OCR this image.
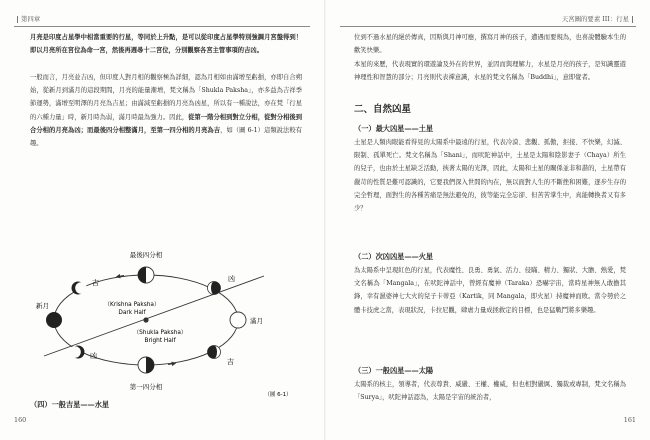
第四章

月亮是印度占星學中相當重要的行星，等同於上升點，是可以從印度占星學特別強調月宮盤得到！即以月亮所在宮位為命一宮，然後再週尋十二宮位，分別觀察各宮主管事項的吉凶。

一般而言，月亮並吉凶，但印度人對月相的觀察極為詳細，認為月相如由滿增至虧損，亦即自合朔始，從新月到滿月的這段期間，月亮的能量漸增，梵文稱為「Shukla Paksha」，亦多益為吉祥季節運勢，滿增至明澤的月亮為吉星；由滿減至虧損的月亮為凶星，所以有一種說法，亦在梵「行星的六種力量」時，新月時為弱，滿月時最為強力。因此，從第一階分相到對立分相，從對分相後到合分相的月亮為凶；而最後四分相整滿月，至第一四分相的月亮為吉，如（圖 6-1）這類說法較有趣。

最後四分相
第一四分相
新月
滿月
吉	凶
凶
吉
（Krishna Paksha）
Dark Half
（Shukla Paksha）
Bright Half
（圖 6-1）
（四）一般吉星——水星
160
天宮圖的要素 III：行星

位到不過水星的絕於傳真，因斯與月神可應，撰寫月神的孩子，遭遇而要規為，也喜說體驗本生的歡笑快樂。

本星的來歷，代表現實的環遊論及外在的世界，並因而與理解力，水星是月亮的孩子，是知識靈遊神理性和智慧的部分；月亮則代表禪意識，水星的梵文名稱為「Buddhi」，意即覺者。

二、自然凶星
（一）最大凶星——土星

土星是人類肉眼能看得見的太陽系中最遠的行星，代表冷漠、悲觀、孤傲，拒接、不快樂，幻滅、限制、孤單死亡。梵文名稱為「Shani」，而吠陀神話中，土星是太陽和陰影妻子（Chaya）所生的兒子，也由於土星缺乏活動，挾著太陽的光澤，因此，太陽和土星的關係並非和諧的，土星帶有嚴苛的性質是難可認識的，它要我們深入世間的內在，無以面對人生的不斷挫和困難，逐步生存的完全哲理，面對生的各種苦痛是無法避免的，彼等能完全忘卻、但苦苦掌生中，真能轉換者又有多少？

（二）次凶凶星——火星

為太陽系中呈現紅色的行星，代表魔性、良勇、勇氣、活力、侵瞞、精力、獨狀、大膽、熱愛，梵文名稱為「Mangala」，在吠陀神話中，曾經有魔神（Taraka）恐嚇宇宙，當時星神無人敢擔其鋒，幸有濕婆神七大火的兒子卡蒂亞（Kartik，同 Mangala，即火星）持魔神而敗。當令勢於之體卡技虎之當，表現狀況，卡拉尼觀，肆虐力量成拯救定的目標，也是猛戰鬥將多樂趣。

（三）一般凶星——太陽

太陽系的核主，領導者，代表尊貴、威嚴、王權、權威，但也相對嚴厲、獨裁或專制，梵文名稱為「Surya」，吠陀神話認為，太陽是宇宙的統治者，

161
